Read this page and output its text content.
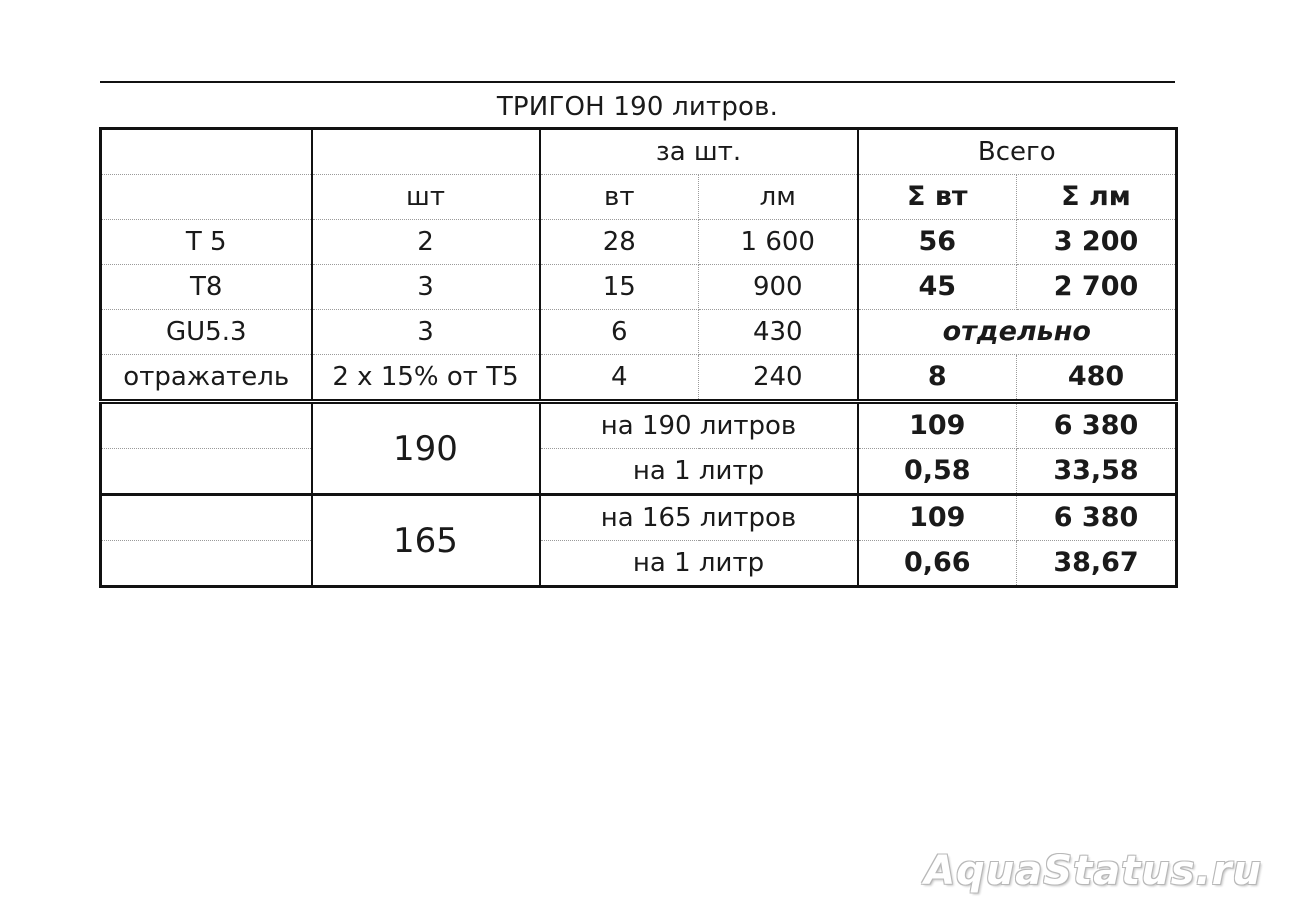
ТРИГОН 190 литров.
		за шт.		Всего	
	шт	вт	лм	Σ вт	Σ лм
Т 5	2	28	1 600	56	3 200
Т8	3	15	900	45	2 700
GU5.3	3	6	430	отдельно	
отражатель	2 х 15% от Т5	4	240	8	480
	190	на 190 литров		109	6 380
		на 1 литр		0,58	33,58
	165	на 165 литров		109	6 380
		на 1 литр		0,66	38,67
AquaStatus.ru
